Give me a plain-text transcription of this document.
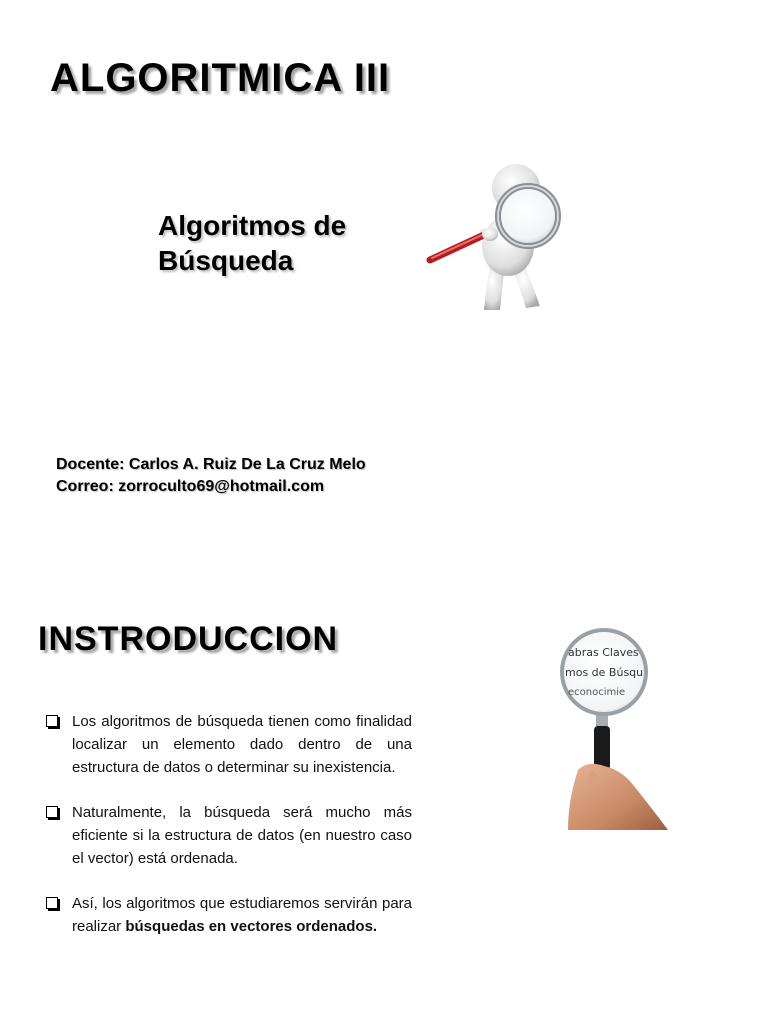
ALGORITMICA III
Algoritmos de
Búsqueda
Docente: Carlos A. Ruiz De La Cruz Melo
Correo: zorroculto69@hotmail.com
INSTRODUCCION	abras Claves
mos de Búsqu
econocimie
Los algoritmos de búsqueda tienen como finalidad localizar un elemento dado dentro de una estructura de datos o determinar su inexistencia.
Naturalmente, la búsqueda será mucho más eficiente si la estructura de datos (en nuestro caso el vector) está ordenada.
Así, los algoritmos que estudiaremos servirán para realizar búsquedas en vectores ordenados.
